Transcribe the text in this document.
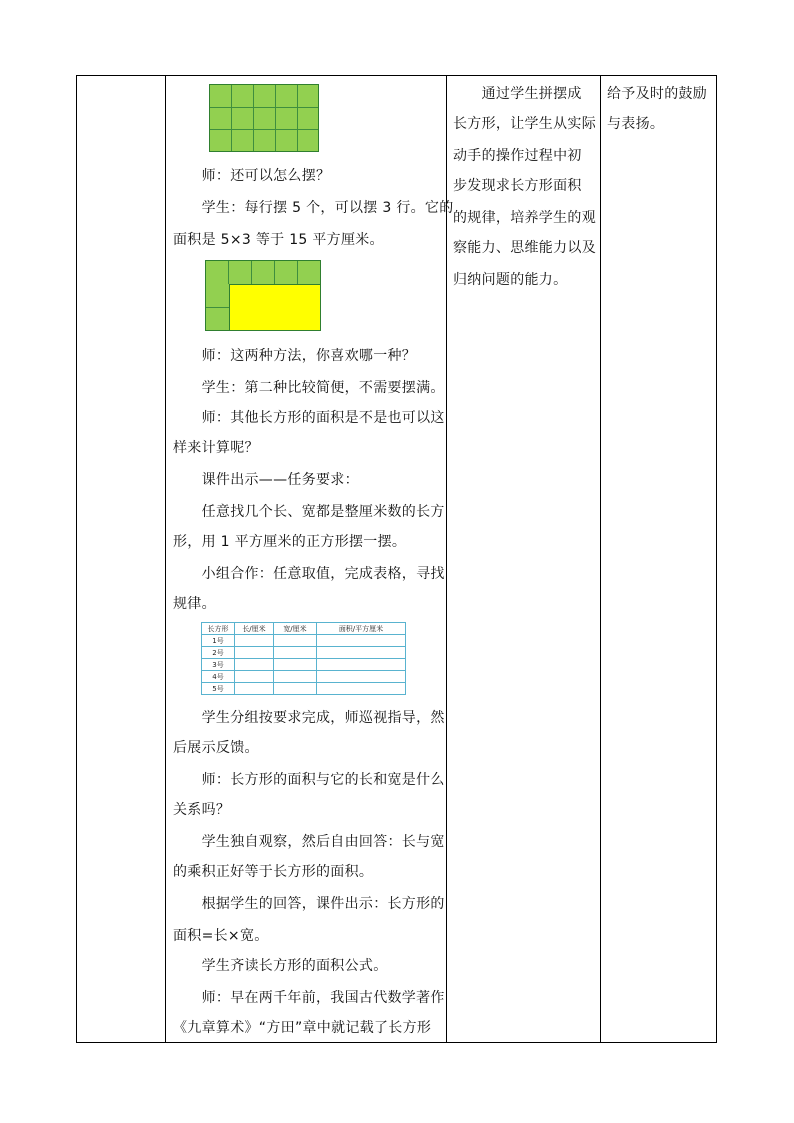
　　师：还可以怎么摆？
　　学生：每行摆 5 个，可以摆 3 行。它的
面积是 5×3 等于 15 平方厘米。
　　师：这两种方法，你喜欢哪一种？
　　学生：第二种比较简便，不需要摆满。
　　师：其他长方形的面积是不是也可以这
样来计算呢？
　　课件出示——任务要求：
　　任意找几个长、宽都是整厘米数的长方
形，用 1 平方厘米的正方形摆一摆。
　　小组合作：任意取值，完成表格，寻找
规律。
长方形	长/厘米	宽/厘米	面积/平方厘米
1号			
2号			
3号			
4号			
5号			
　　学生分组按要求完成，师巡视指导，然
后展示反馈。
　　师：长方形的面积与它的长和宽是什么
关系吗？
　　学生独自观察，然后自由回答：长与宽
的乘积正好等于长方形的面积。
　　根据学生的回答，课件出示：长方形的
面积=长×宽。
　　学生齐读长方形的面积公式。
　　师：早在两千年前，我国古代数学著作
《九章算术》“方田”章中就记载了长方形
　　通过学生拼摆成
长方形，让学生从实际
动手的操作过程中初
步发现求长方形面积
的规律，培养学生的观
察能力、思维能力以及
归纳问题的能力。
给予及时的鼓励
与表扬。
